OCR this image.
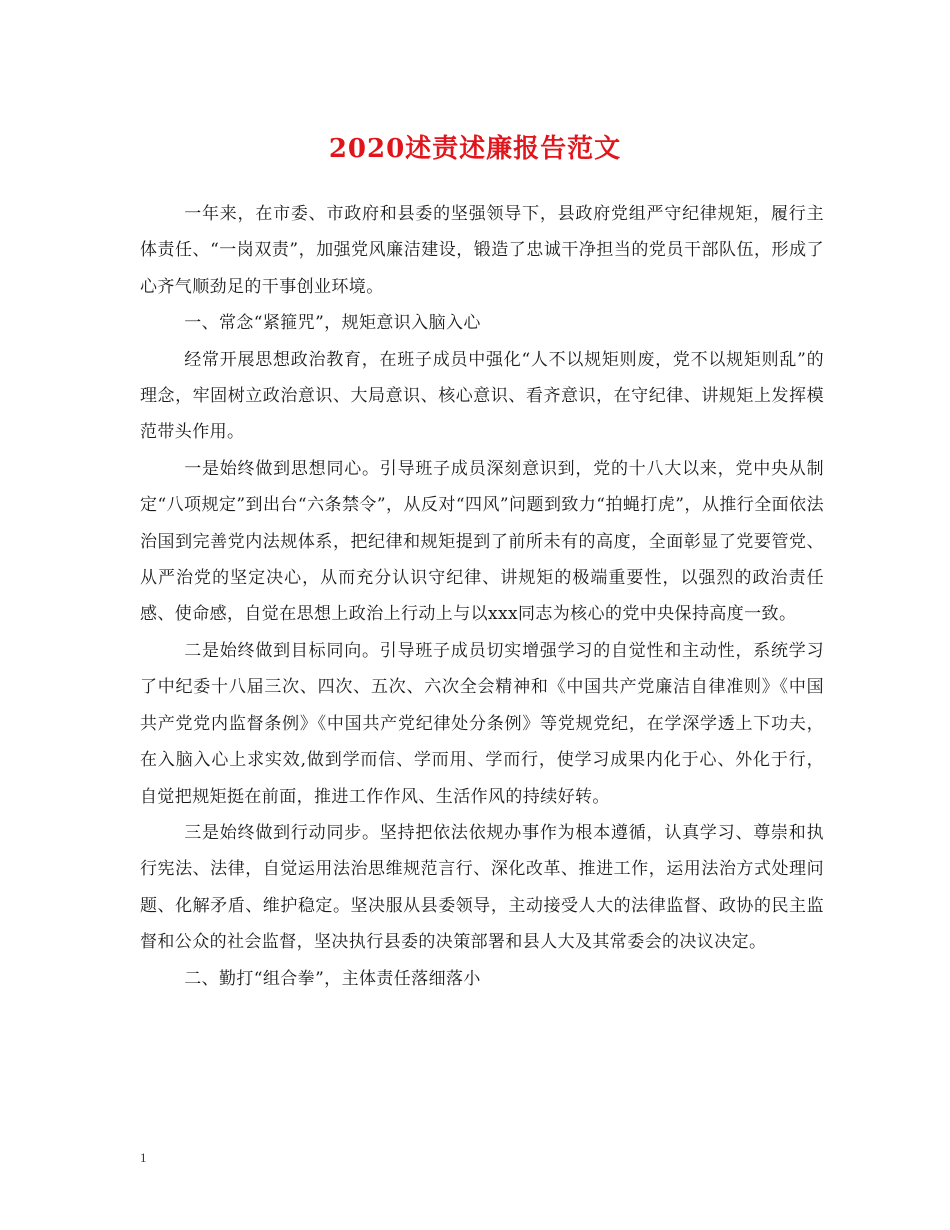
2020述责述廉报告范文

一年来，在市委、市政府和县委的坚强领导下，县政府党组严守纪律规矩，履行主体责任、“一岗双责”，加强党风廉洁建设，锻造了忠诚干净担当的党员干部队伍，形成了心齐气顺劲足的干事创业环境。

一、常念“紧箍咒”，规矩意识入脑入心

经常开展思想政治教育，在班子成员中强化“人不以规矩则废，党不以规矩则乱”的理念，牢固树立政治意识、大局意识、核心意识、看齐意识，在守纪律、讲规矩上发挥模范带头作用。

一是始终做到思想同心。引导班子成员深刻意识到，党的十八大以来，党中央从制定“八项规定”到出台“六条禁令”，从反对“四风”问题到致力“拍蝇打虎”，从推行全面依法治国到完善党内法规体系，把纪律和规矩提到了前所未有的高度，全面彰显了党要管党、从严治党的坚定决心，从而充分认识守纪律、讲规矩的极端重要性，以强烈的政治责任感、使命感，自觉在思想上政治上行动上与以xxx同志为核心的党中央保持高度一致。

二是始终做到目标同向。引导班子成员切实增强学习的自觉性和主动性，系统学习了中纪委十八届三次、四次、五次、六次全会精神和《中国共产党廉洁自律准则》《中国共产党党内监督条例》《中国共产党纪律处分条例》等党规党纪，在学深学透上下功夫，在入脑入心上求实效,做到学而信、学而用、学而行，使学习成果内化于心、外化于行，自觉把规矩挺在前面，推进工作作风、生活作风的持续好转。

三是始终做到行动同步。坚持把依法依规办事作为根本遵循，认真学习、尊崇和执行宪法、法律，自觉运用法治思维规范言行、深化改革、推进工作，运用法治方式处理问题、化解矛盾、维护稳定。坚决服从县委领导，主动接受人大的法律监督、政协的民主监督和公众的社会监督，坚决执行县委的决策部署和县人大及其常委会的决议决定。

二、勤打“组合拳”，主体责任落细落小

1
